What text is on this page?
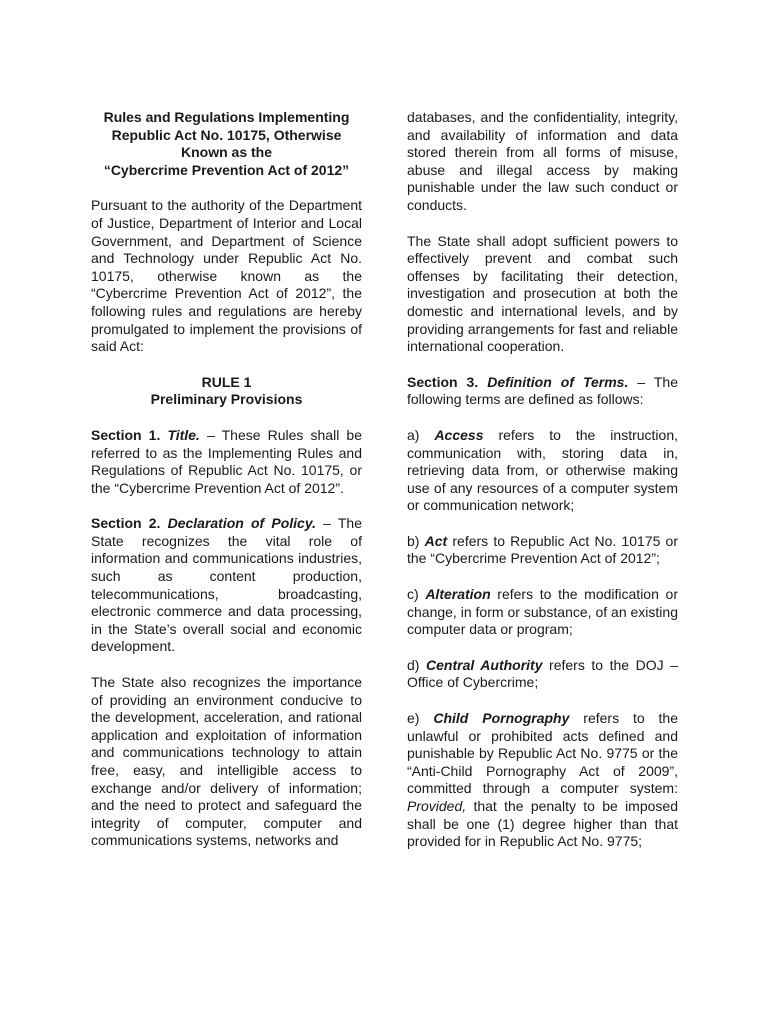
Rules and Regulations Implementing
Republic Act No. 10175, Otherwise
Known as the
“Cybercrime Prevention Act of 2012”

Pursuant to the authority of the Department of Justice, Department of Interior and Local Government, and Department of Science and Technology under Republic Act No. 10175, otherwise known as the “Cybercrime Prevention Act of 2012”, the following rules and regulations are hereby promulgated to implement the provisions of said Act:

RULE 1
Preliminary Provisions

Section 1. Title. – These Rules shall be referred to as the Implementing Rules and Regulations of Republic Act No. 10175, or the “Cybercrime Prevention Act of 2012”.

Section 2. Declaration of Policy. – The State recognizes the vital role of information and communications industries, such as content production, telecommunications, broadcasting, electronic commerce and data processing, in the State’s overall social and economic development.

The State also recognizes the importance of providing an environment conducive to the development, acceleration, and rational application and exploitation of information and communications technology to attain free, easy, and intelligible access to exchange and/or delivery of information; and the need to protect and safeguard the integrity of computer, computer and communications systems, networks and

databases, and the confidentiality, integrity, and availability of information and data stored therein from all forms of misuse, abuse and illegal access by making punishable under the law such conduct or conducts.

The State shall adopt sufficient powers to effectively prevent and combat such offenses by facilitating their detection, investigation and prosecution at both the domestic and international levels, and by providing arrangements for fast and reliable international cooperation.

Section 3. Definition of Terms. – The following terms are defined as follows:

a) Access refers to the instruction, communication with, storing data in, retrieving data from, or otherwise making use of any resources of a computer system or communication network;

b) Act refers to Republic Act No. 10175 or the “Cybercrime Prevention Act of 2012”;

c) Alteration refers to the modification or change, in form or substance, of an existing computer data or program;

d) Central Authority refers to the DOJ – Office of Cybercrime;

e) Child Pornography refers to the unlawful or prohibited acts defined and punishable by Republic Act No. 9775 or the “Anti-Child Pornography Act of 2009”, committed through a computer system: Provided, that the penalty to be imposed shall be one (1) degree higher than that provided for in Republic Act No. 9775;
